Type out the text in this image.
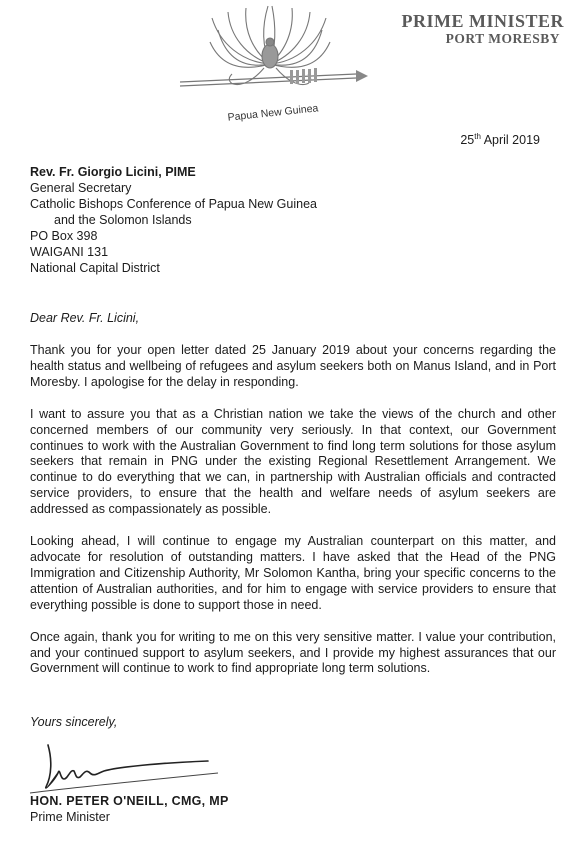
Papua New Guinea
PRIME MINISTER
PORT MORESBY
25th April 2019
Rev. Fr. Giorgio Licini, PIME
General Secretary
Catholic Bishops Conference of Papua New Guinea
and the Solomon Islands
PO Box 398
WAIGANI 131
National Capital District
Dear Rev. Fr. Licini,

Thank you for your open letter dated 25 January 2019 about your concerns regarding the health status and wellbeing of refugees and asylum seekers both on Manus Island, and in Port Moresby. I apologise for the delay in responding.

I want to assure you that as a Christian nation we take the views of the church and other concerned members of our community very seriously. In that context, our Government continues to work with the Australian Government to find long term solutions for those asylum seekers that remain in PNG under the existing Regional Resettlement Arrangement. We continue to do everything that we can, in partnership with Australian officials and contracted service providers, to ensure that the health and welfare needs of asylum seekers are addressed as compassionately as possible.

Looking ahead, I will continue to engage my Australian counterpart on this matter, and advocate for resolution of outstanding matters. I have asked that the Head of the PNG Immigration and Citizenship Authority, Mr Solomon Kantha, bring your specific concerns to the attention of Australian authorities, and for him to engage with service providers to ensure that everything possible is done to support those in need.

Once again, thank you for writing to me on this very sensitive matter. I value your contribution, and your continued support to asylum seekers, and I provide my highest assurances that our Government will continue to work to find appropriate long term solutions.

Yours sincerely,
HON. PETER O'NEILL, CMG, MP
Prime Minister
